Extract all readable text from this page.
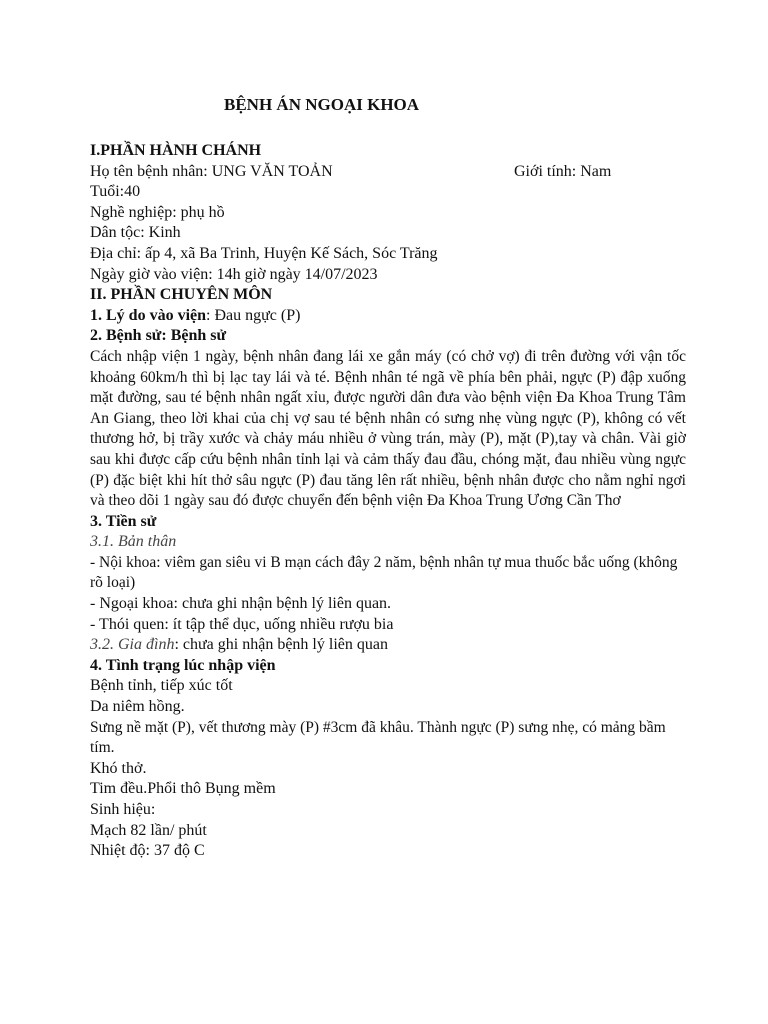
BỆNH ÁN NGOẠI KHOA
I.PHẦN HÀNH CHÁNH
Họ tên bệnh nhân: UNG VĂN TOẢN	Giới tính: Nam
Tuổi:40
Nghề nghiệp: phụ hồ
Dân tộc: Kinh
Địa chỉ: ấp 4, xã Ba Trinh, Huyện Kế Sách, Sóc Trăng
Ngày giờ vào viện: 14h giờ ngày 14/07/2023
II. PHẦN CHUYÊN MÔN
1. Lý do vào viện: Đau ngực (P)
2. Bệnh sử: Bệnh sử

Cách nhập viện 1 ngày, bệnh nhân đang lái xe gắn máy (có chở vợ) đi trên đường với vận tốc khoảng 60km/h thì bị lạc tay lái và té. Bệnh nhân té ngã về phía bên phải, ngực (P) đập xuống mặt đường, sau té bệnh nhân ngất xỉu, được người dân đưa vào bệnh viện Đa Khoa Trung Tâm An Giang, theo lời khai của chị vợ sau té bệnh nhân có sưng nhẹ vùng ngực (P), không có vết thương hở, bị trầy xước và chảy máu nhiều ở vùng trán, mày (P), mặt (P),tay và chân. Vài giờ sau khi được cấp cứu bệnh nhân tỉnh lại và cảm thấy đau đầu, chóng mặt, đau nhiều vùng ngực (P) đặc biệt khi hít thở sâu ngực (P) đau tăng lên rất nhiều, bệnh nhân được cho nằm nghỉ ngơi và theo dõi 1 ngày sau đó được chuyển đến bệnh viện Đa Khoa Trung Ương Cần Thơ

3. Tiền sử
3.1. Bản thân
- Nội khoa: viêm gan siêu vi B mạn cách đây 2 năm, bệnh nhân tự mua thuốc bắc uống (không rõ loại)
- Ngoại khoa: chưa ghi nhận bệnh lý liên quan.
- Thói quen: ít tập thể dục, uống nhiều rượu bia
3.2. Gia đình: chưa ghi nhận bệnh lý liên quan
4. Tình trạng lúc nhập viện
Bệnh tỉnh, tiếp xúc tốt
Da niêm hồng.
Sưng nề mặt (P), vết thương mày (P) #3cm đã khâu. Thành ngực (P) sưng nhẹ, có mảng bầm tím.
Khó thở.
Tim đều.Phổi thô Bụng mềm
Sinh hiệu:
Mạch 82 lần/ phút
Nhiệt độ: 37 độ C
